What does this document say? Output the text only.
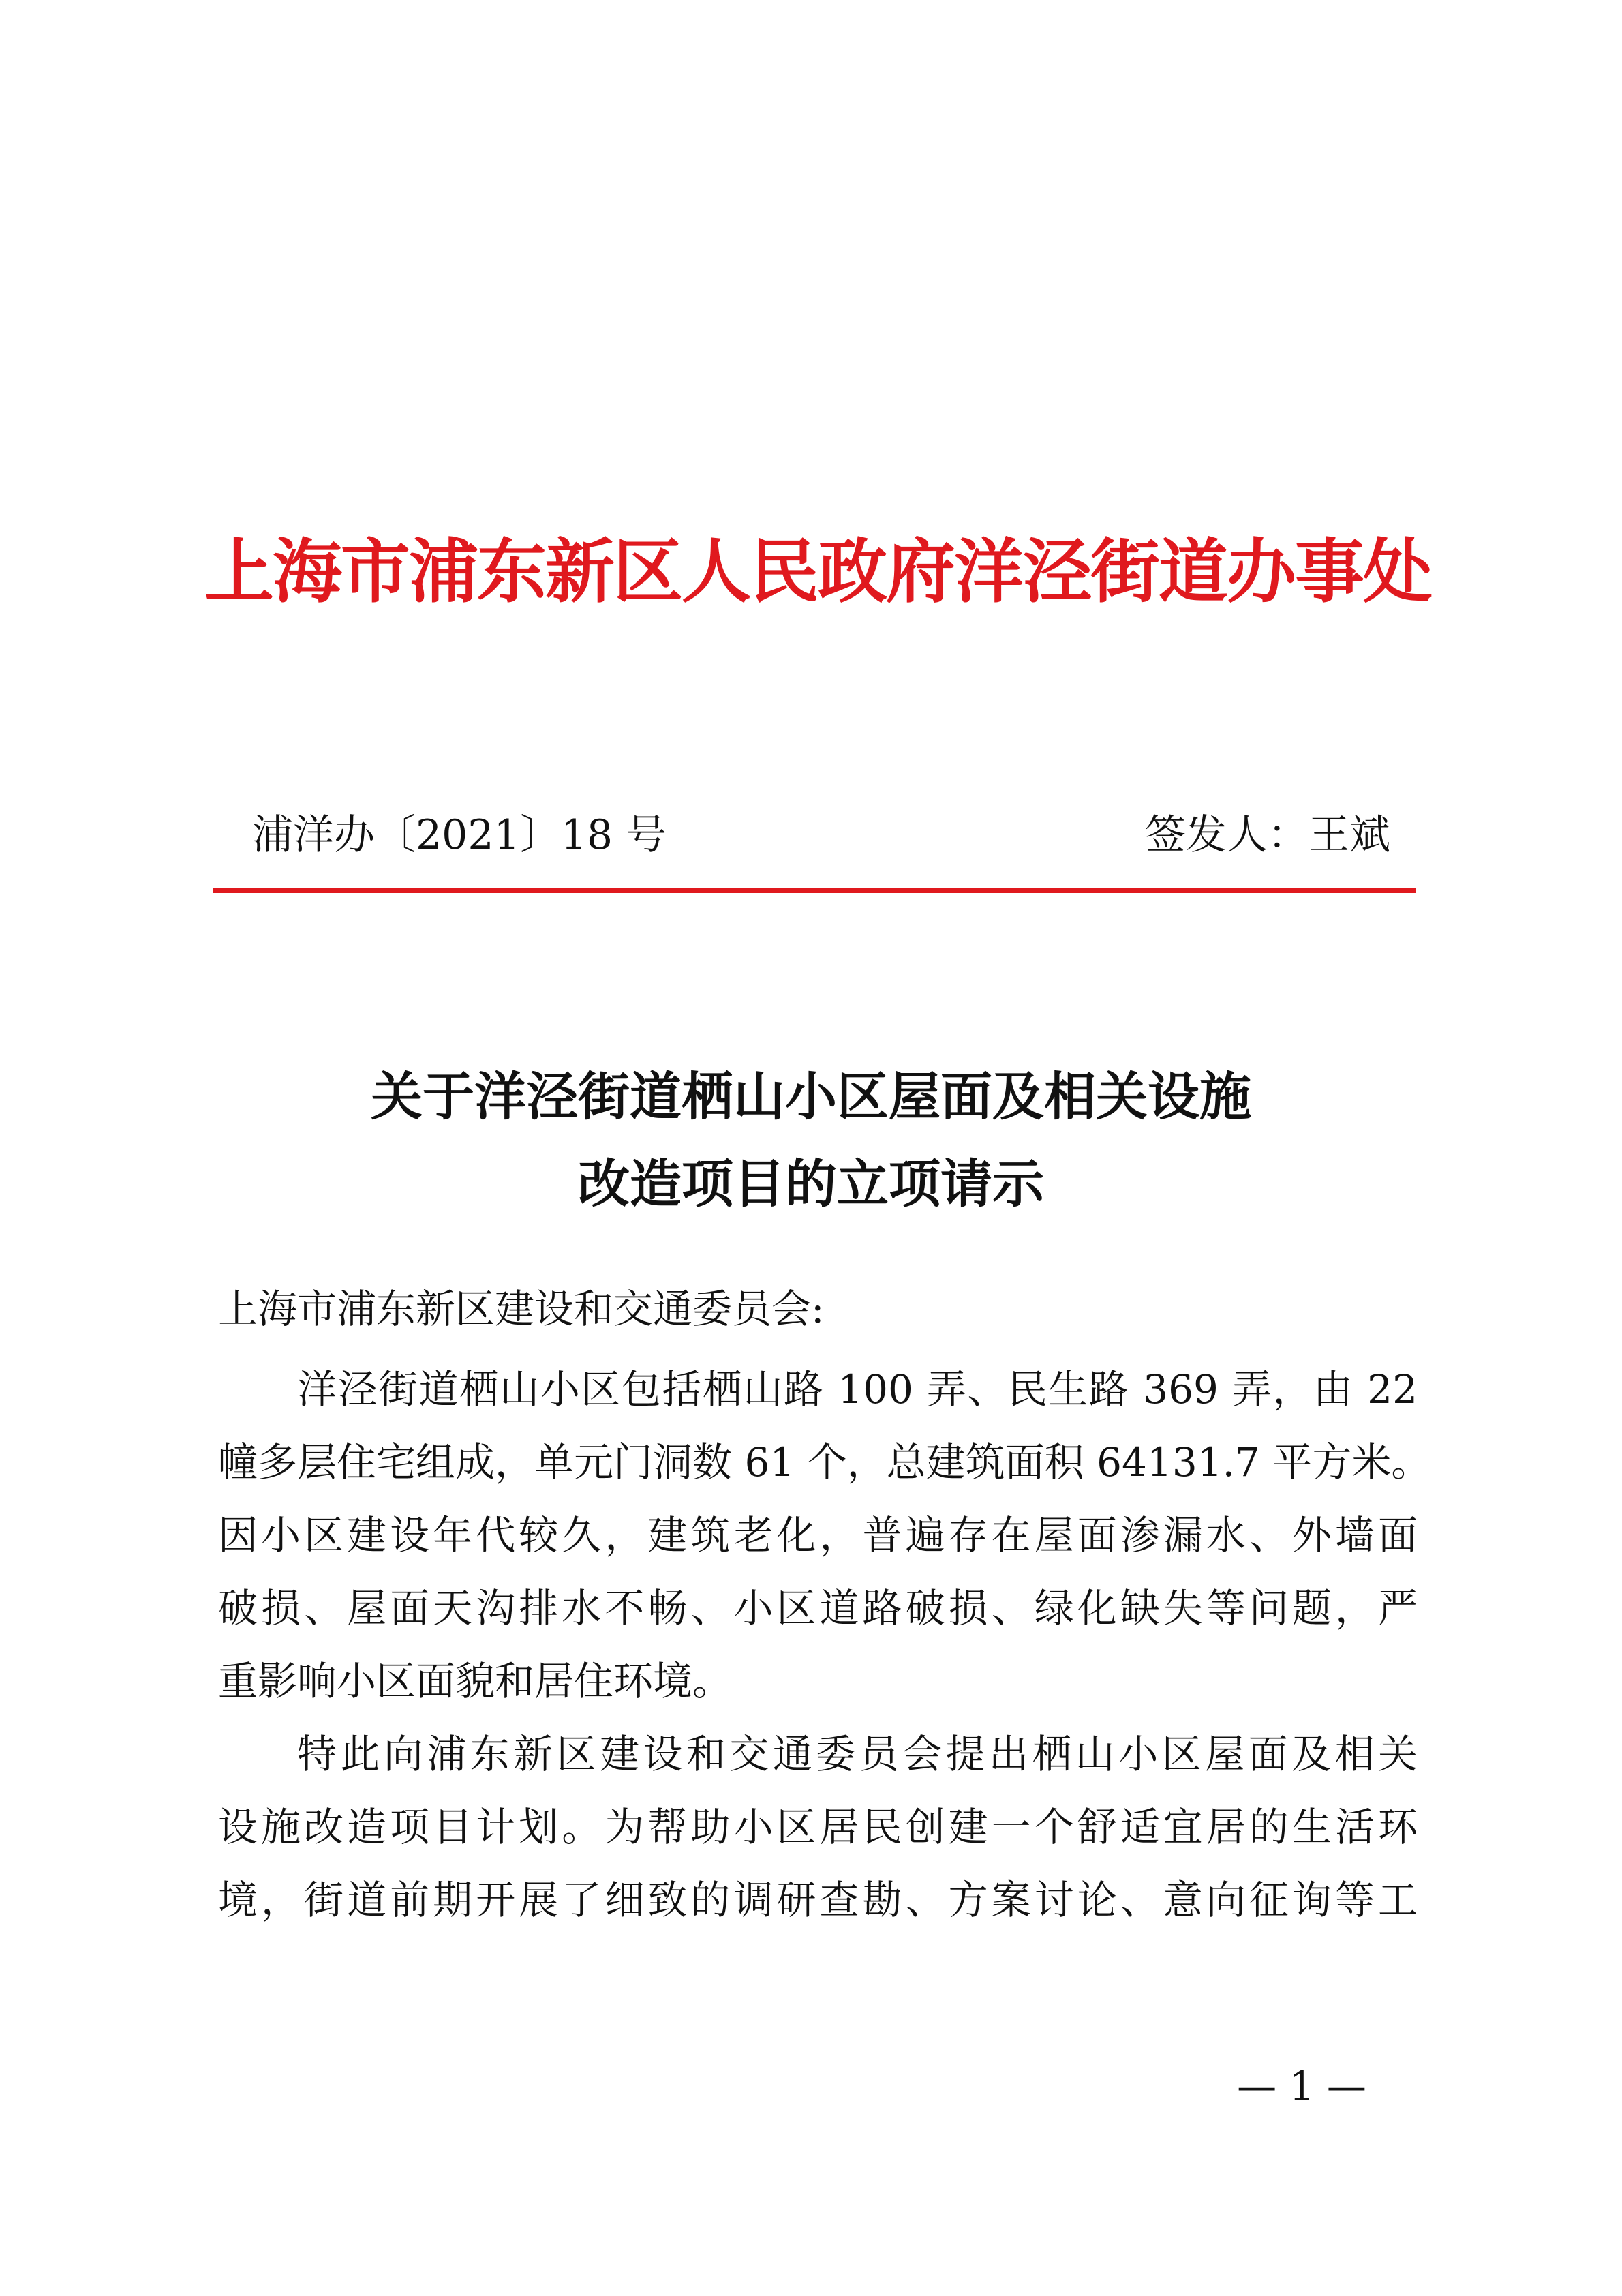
上海市浦东新区人民政府洋泾街道办事处
浦洋办〔2021〕18 号	签发人：王斌
关于洋泾街道栖山小区屋面及相关设施
改造项目的立项请示
上海市浦东新区建设和交通委员会:
洋泾街道栖山小区包括栖山路 100 弄、民生路 369 弄，由 22
幢多层住宅组成，单元门洞数 61 个，总建筑面积 64131.7 平方米。
因小区建设年代较久，建筑老化，普遍存在屋面渗漏水、外墙面
破损、屋面天沟排水不畅、小区道路破损、绿化缺失等问题，严
重影响小区面貌和居住环境。
特此向浦东新区建设和交通委员会提出栖山小区屋面及相关
设施改造项目计划。为帮助小区居民创建一个舒适宜居的生活环
境，街道前期开展了细致的调研查勘、方案讨论、意向征询等工
— 1 —
